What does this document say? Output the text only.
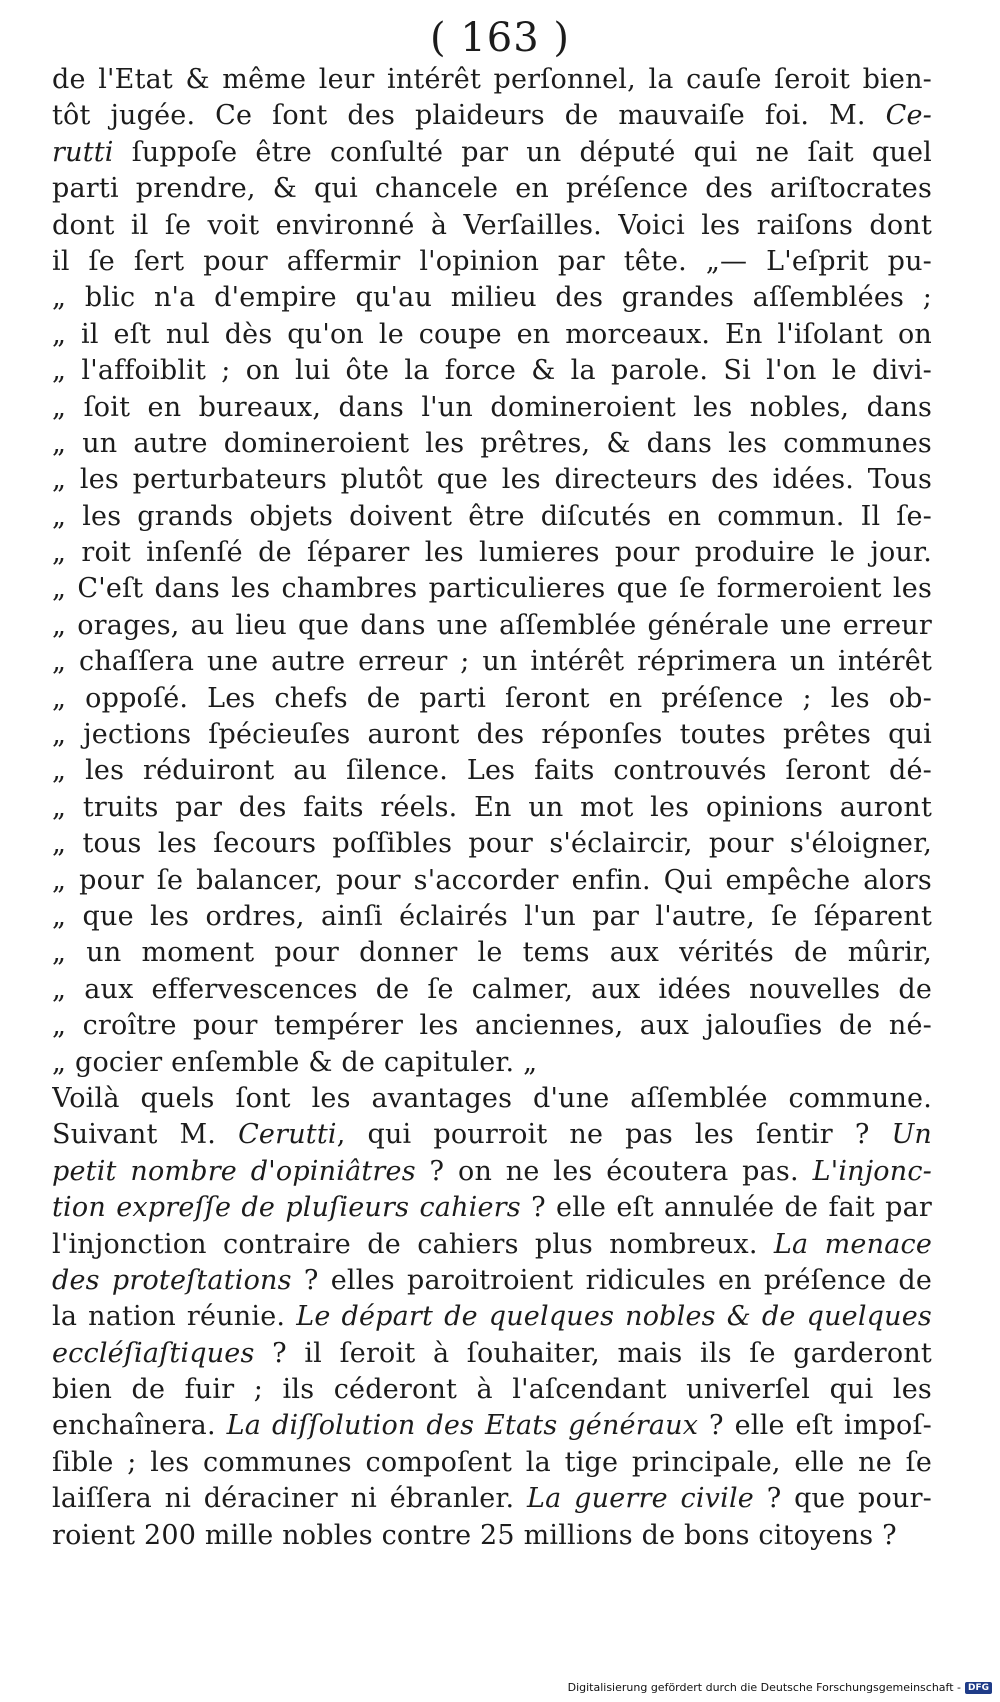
( 163 )
de l'Etat & même leur intérêt perſonnel, la cauſe ſeroit bien-
tôt jugée. Ce ſont des plaideurs de mauvaiſe foi. M. Ce-
rutti ſuppoſe être conſulté par un député qui ne ſait quel
parti prendre, & qui chancele en préſence des ariſtocrates
dont il ſe voit environné à Verſailles. Voici les raiſons dont
il ſe ſert pour affermir l'opinion par tête. „— L'eſprit pu-
„ blic n'a d'empire qu'au milieu des grandes aſſemblées ;
„ il eſt nul dès qu'on le coupe en morceaux. En l'iſolant on
„ l'affoiblit ; on lui ôte la force & la parole. Si l'on le divi-
„ ſoit en bureaux, dans l'un domineroient les nobles, dans
„ un autre domineroient les prêtres, & dans les communes
„ les perturbateurs plutôt que les directeurs des idées. Tous
„ les grands objets doivent être diſcutés en commun. Il ſe-
„ roit inſenſé de ſéparer les lumieres pour produire le jour.
„ C'eſt dans les chambres particulieres que ſe formeroient les
„ orages, au lieu que dans une aſſemblée générale une erreur
„ chaſſera une autre erreur ; un intérêt réprimera un intérêt
„ oppoſé. Les chefs de parti ſeront en préſence ; les ob-
„ jections ſpécieuſes auront des réponſes toutes prêtes qui
„ les réduiront au ſilence. Les faits controuvés ſeront dé-
„ truits par des faits réels. En un mot les opinions auront
„ tous les ſecours poſſibles pour s'éclaircir, pour s'éloigner,
„ pour ſe balancer, pour s'accorder enfin. Qui empêche alors
„ que les ordres, ainſi éclairés l'un par l'autre, ſe ſéparent
„ un moment pour donner le tems aux vérités de mûrir,
„ aux effervescences de ſe calmer, aux idées nouvelles de
„ croître pour tempérer les anciennes, aux jalouſies de né-
„ gocier enſemble & de capituler. „
Voilà quels ſont les avantages d'une aſſemblée commune.
Suivant M. Cerutti, qui pourroit ne pas les ſentir ? Un
petit nombre d'opiniâtres ? on ne les écoutera pas. L'injonc-
tion expreſſe de pluſieurs cahiers ? elle eſt annulée de fait par
l'injonction contraire de cahiers plus nombreux. La menace
des proteſtations ? elles paroitroient ridicules en préſence de
la nation réunie. Le départ de quelques nobles & de quelques
eccléſiaſtiques ? il ſeroit à ſouhaiter, mais ils ſe garderont
bien de fuir ; ils céderont à l'aſcendant univerſel qui les
enchaînera. La diſſolution des Etats généraux ? elle eſt impoſ-
ſible ; les communes compoſent la tige principale, elle ne ſe
laiſſera ni déraciner ni ébranler. La guerre civile ? que pour-
roient 200 mille nobles contre 25 millions de bons citoyens ?
Digitalisierung gefördert durch die Deutsche Forschungsgemeinschaft - DFG
